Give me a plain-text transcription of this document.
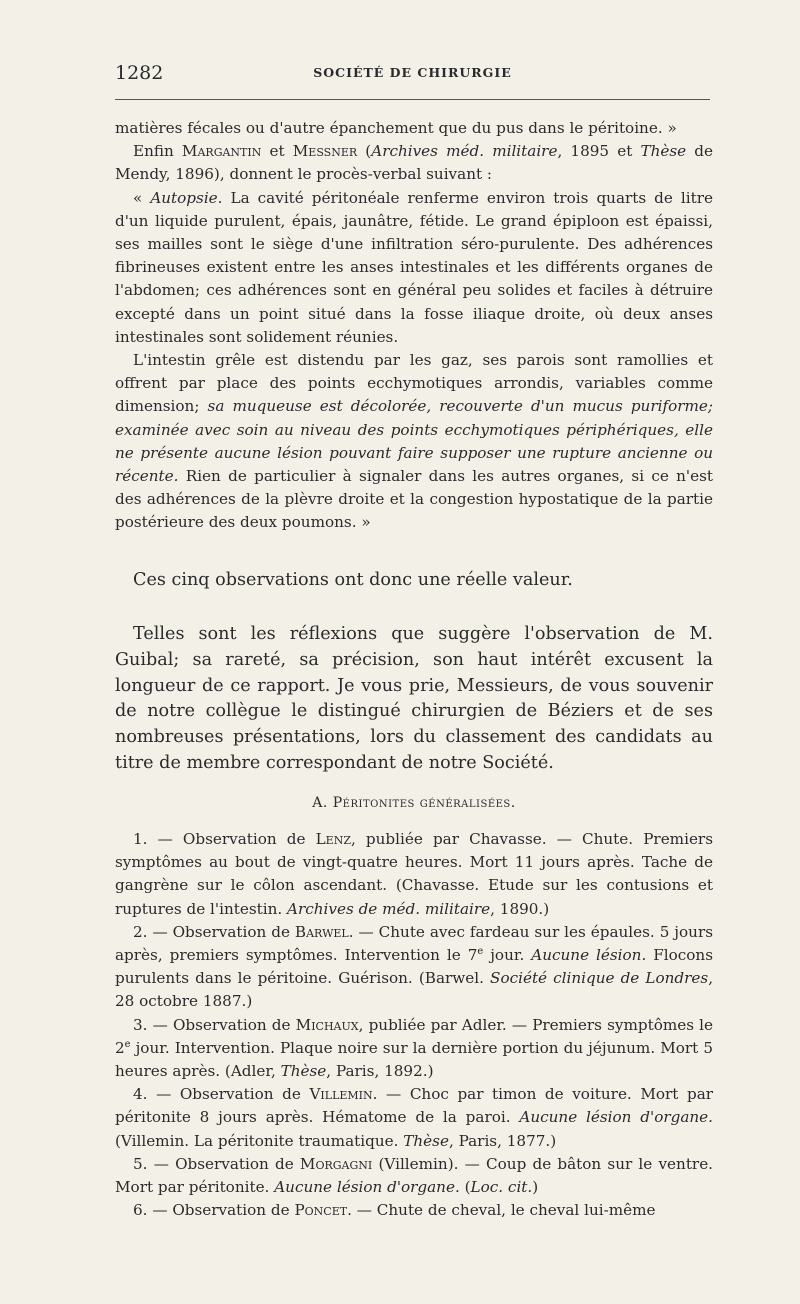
1282	SOCIÉTÉ DE CHIRURGIE

matières fécales ou d'autre épanchement que du pus dans le péritoine. »

Enfin Margantin et Messner (Archives méd. militaire, 1895 et Thèse de Mendy, 1896), donnent le procès-verbal suivant :

« Autopsie. La cavité péritonéale renferme environ trois quarts de litre d'un liquide purulent, épais, jaunâtre, fétide. Le grand épiploon est épaissi, ses mailles sont le siège d'une infiltration séro-purulente. Des adhérences fibrineuses existent entre les anses intestinales et les différents organes de l'abdomen; ces adhérences sont en général peu solides et faciles à détruire excepté dans un point situé dans la fosse iliaque droite, où deux anses intestinales sont solidement réunies.

L'intestin grêle est distendu par les gaz, ses parois sont ramollies et offrent par place des points ecchymotiques arrondis, variables comme dimension; sa muqueuse est décolorée, recouverte d'un mucus puriforme; examinée avec soin au niveau des points ecchymotiques périphériques, elle ne présente aucune lésion pouvant faire supposer une rupture ancienne ou récente. Rien de particulier à signaler dans les autres organes, si ce n'est des adhérences de la plèvre droite et la congestion hypostatique de la partie postérieure des deux poumons. »

Ces cinq observations ont donc une réelle valeur.

Telles sont les réflexions que suggère l'observation de M. Guibal; sa rareté, sa précision, son haut intérêt excusent la longueur de ce rapport. Je vous prie, Messieurs, de vous souvenir de notre collègue le distingué chirurgien de Béziers et de ses nombreuses présentations, lors du classement des candidats au titre de membre correspondant de notre Société.

A. Péritonites généralisées.

1. — Observation de Lenz, publiée par Chavasse. — Chute. Premiers symptômes au bout de vingt-quatre heures. Mort 11 jours après. Tache de gangrène sur le côlon ascendant. (Chavasse. Etude sur les contusions et ruptures de l'intestin. Archives de méd. militaire, 1890.)

2. — Observation de Barwel. — Chute avec fardeau sur les épaules. 5 jours après, premiers symptômes. Intervention le 7e jour. Aucune lésion. Flocons purulents dans le péritoine. Guérison. (Barwel. Société clinique de Londres, 28 octobre 1887.)

3. — Observation de Michaux, publiée par Adler. — Premiers symptômes le 2e jour. Intervention. Plaque noire sur la dernière portion du jéjunum. Mort 5 heures après. (Adler, Thèse, Paris, 1892.)

4. — Observation de Villemin. — Choc par timon de voiture. Mort par péritonite 8 jours après. Hématome de la paroi. Aucune lésion d'organe. (Villemin. La péritonite traumatique. Thèse, Paris, 1877.)

5. — Observation de Morgagni (Villemin). — Coup de bâton sur le ventre. Mort par péritonite. Aucune lésion d'organe. (Loc. cit.)

6. — Observation de Poncet. — Chute de cheval, le cheval lui-même
